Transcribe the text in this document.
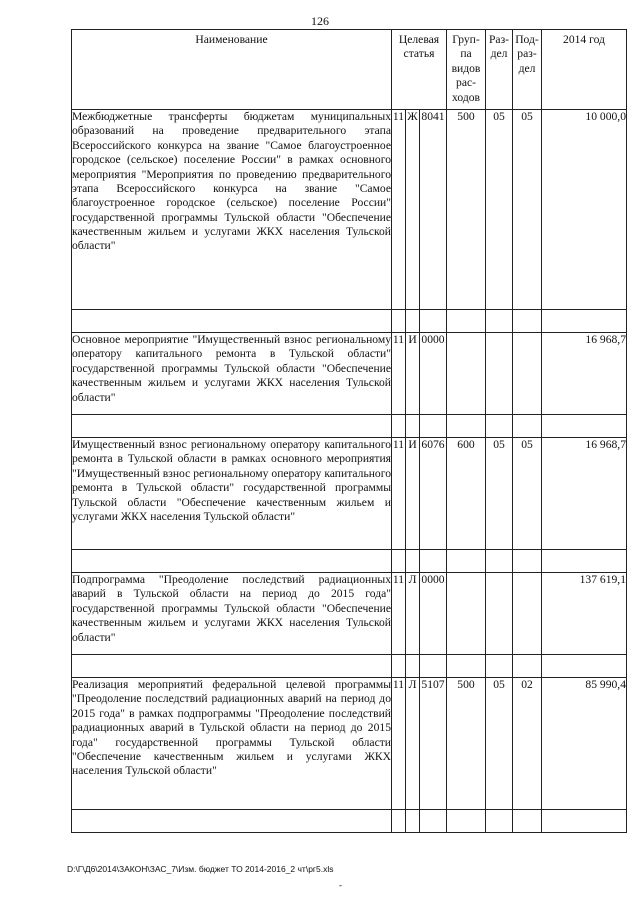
126
Наименование	Целевая статья			Груп-па видов рас-ходов	Раз-дел	Под-раз-дел	2014 год
Межбюджетные трансферты бюджетам муниципальных образований на проведение предварительного этапа Всероссийского конкурса на звание "Самое благоустроенное городское (сельское) поселение России" в рамках основного мероприятия "Мероприятия по проведению предварительного этапа Всероссийского конкурса на звание "Самое благоустроенное городское (сельское) поселение России" государственной программы Тульской области "Обеспечение качественным жильем и услугами ЖКХ населения Тульской области"	11	Ж	8041	500	05	05	10 000,0

Основное мероприятие "Имущественный взнос региональному оператору капитального ремонта в Тульской области" государственной программы Тульской области "Обеспечение качественным жильем и услугами ЖКХ населения Тульской области"	11	И	0000				16 968,7

Имущественный взнос региональному оператору капитального ремонта в Тульской области в рамках основного мероприятия "Имущественный взнос региональному оператору капитального ремонта в Тульской области" государственной программы Тульской области "Обеспечение качественным жильем и услугами ЖКХ населения Тульской области"	11	И	6076	600	05	05	16 968,7

Подпрограмма "Преодоление последствий радиационных аварий в Тульской области на период до 2015 года" государственной программы Тульской области "Обеспечение качественным жильем и услугами ЖКХ населения Тульской области"	11	Л	0000				137 619,1

Реализация мероприятий федеральной целевой программы "Преодоление последствий радиационных аварий на период до 2015 года" в рамках подпрограммы "Преодоление последствий радиационных аварий в Тульской области на период до 2015 года" государственной программы Тульской области "Обеспечение качественным жильем и услугами ЖКХ населения Тульской области"	11	Л	5107	500	05	02	85 990,4

D:\Г\Д6\2014\ЗАКОН\ЗАС_7\Изм. бюджет ТО 2014-2016_2 чт\рг5.xls
-
